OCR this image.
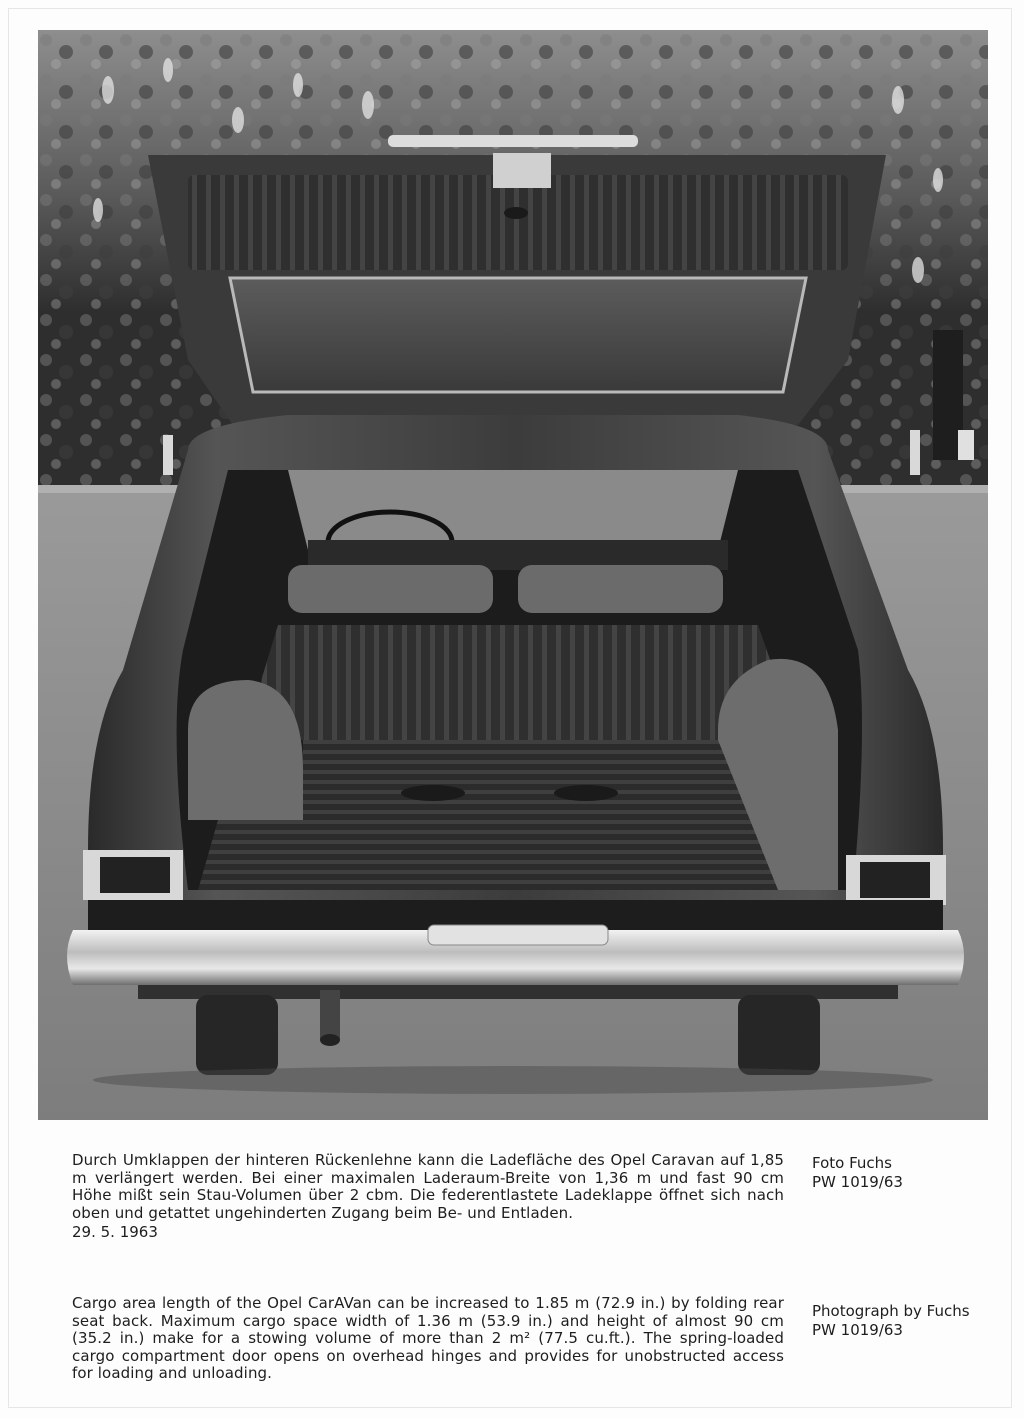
Durch Umklappen der hinteren Rückenlehne kann die Ladefläche des Opel Caravan auf 1,85 m verlängert werden. Bei einer maximalen Laderaum-Breite von 1,36 m und fast 90 cm Höhe mißt sein Stau-Volumen über 2 cbm. Die federentlastete Ladeklappe öffnet sich nach oben und getattet ungehinderten Zugang beim Be- und Entladen.
29. 5. 1963
Foto Fuchs
PW 1019/63
Cargo area length of the Opel CarAVan can be increased to 1.85 m (72.9 in.) by folding rear seat back. Maximum cargo space width of 1.36 m (53.9 in.) and height of almost 90 cm (35.2 in.) make for a stowing volume of more than 2 m² (77.5 cu.ft.). The spring-loaded cargo compartment door opens on overhead hinges and provides for unobstructed access for loading and unloading.
Photograph by Fuchs
PW 1019/63
